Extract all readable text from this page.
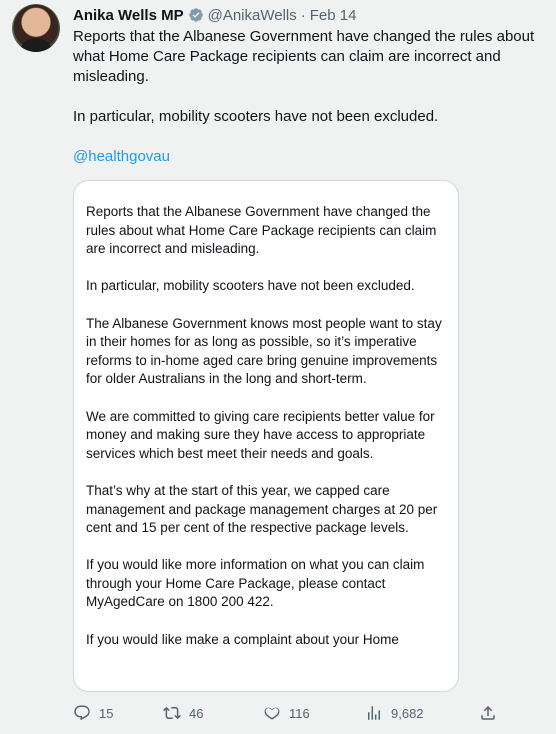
Anika Wells MP @AnikaWells · Feb 14

Reports that the Albanese Government have changed the rules about what Home Care Package recipients can claim are incorrect and misleading.

In particular, mobility scooters have not been excluded.

@healthgovau

Reports that the Albanese Government have changed the rules about what Home Care Package recipients can claim are incorrect and misleading.

In particular, mobility scooters have not been excluded.

The Albanese Government knows most people want to stay in their homes for as long as possible, so it’s imperative reforms to in-home aged care bring genuine improvements for older Australians in the long and short-term.

We are committed to giving care recipients better value for money and making sure they have access to appropriate services which best meet their needs and goals.

That’s why at the start of this year, we capped care management and package management charges at 20 per cent and 15 per cent of the respective package levels.

If you would like more information on what you can claim through your Home Care Package, please contact MyAgedCare on 1800 200 422.

If you would like make a complaint about your Home

15	46	116	9,682
